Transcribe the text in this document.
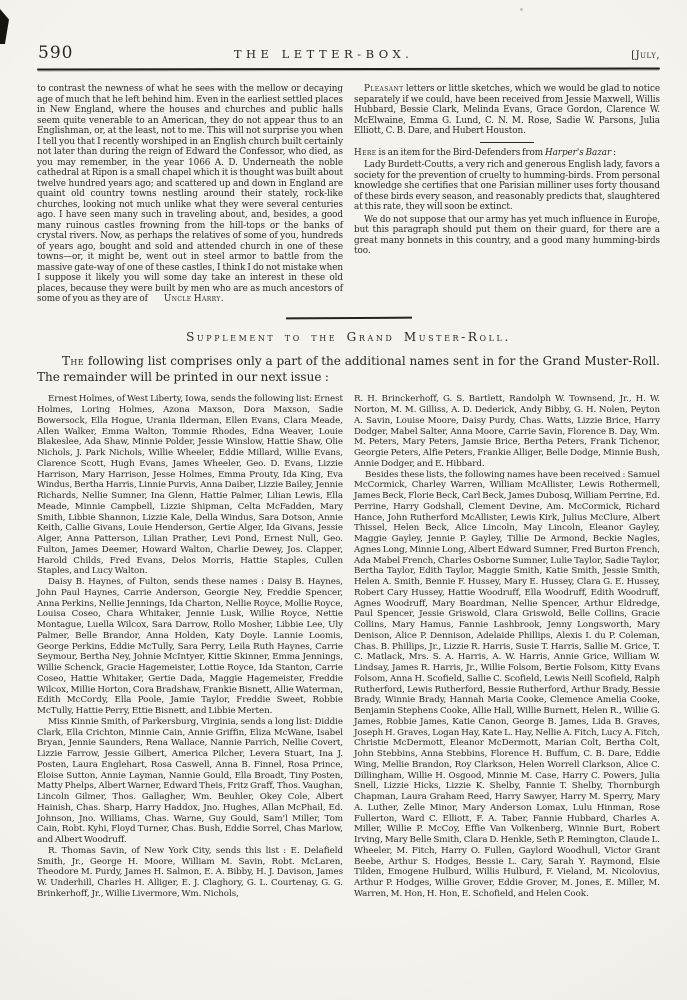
590	THE LETTER-BOX.	[July,

to contrast the newness of what he sees with the mellow or decaying age of much that he left behind him. Even in the earliest settled places in New England, where the houses and churches and public halls seem quite venerable to an American, they do not appear thus to an Englishman, or, at the least, not to me. This will not surprise you when I tell you that I recently worshiped in an English church built certainly not later than during the reign of Edward the Confessor, who died, as you may remember, in the year 1066 A. D. Underneath the noble cathedral at Ripon is a small chapel which it is thought was built about twelve hundred years ago; and scattered up and down in England are quaint old country towns nestling around their stately, rock-like churches, looking not much unlike what they were several centuries ago. I have seen many such in traveling about, and, besides, a good many ruinous castles frowning from the hill-tops or the banks of crystal rivers. Now, as perhaps the relatives of some of you, hundreds of years ago, bought and sold and attended church in one of these towns—or, it might be, went out in steel armor to battle from the massive gate-way of one of these castles, I think I do not mistake when I suppose it likely you will some day take an interest in these old places, because they were built by men who are as much ancestors of some of you as they are of Uncle Harry.

Pleasant letters or little sketches, which we would be glad to notice separately if we could, have been received from Jessie Maxwell, Willis Hubbard, Bessie Clark, Melinda Evans, Grace Gordon, Clarence W. McElwaine, Emma G. Lund, C. N. M. Rose, Sadie W. Parsons, Julia Elliott, C. B. Dare, and Hubert Houston.

Here is an item for the Bird-Defenders from Harper's Bazar :

Lady Burdett-Coutts, a very rich and generous English lady, favors a society for the prevention of cruelty to humming-birds. From personal knowledge she certifies that one Parisian milliner uses forty thousand of these birds every season, and reasonably predicts that, slaughtered at this rate, they will soon be extinct.

We do not suppose that our army has yet much influence in Europe, but this paragraph should put them on their guard, for there are a great many bonnets in this country, and a good many humming-birds too.

Supplement to the Grand Muster-Roll.

The following list comprises only a part of the additional names sent in for the Grand Muster-Roll. The remainder will be printed in our next issue :

Ernest Holmes, of West Liberty, Iowa, sends the following list: Ernest Holmes, Loring Holmes, Azona Maxson, Dora Maxson, Sadie Bowersock, Ella Hogue, Urania Ilderman, Ellen Evans, Clara Meade, Allen Walker, Emma Walton, Tommie Rhodes, Edna Weaver, Louie Blakeslee, Ada Shaw, Minnie Polder, Jessie Winslow, Hattie Shaw, Olie Nichols, J. Park Nichols, Willie Wheeler, Eddie Millard, Willie Evans, Clarence Scott, Hugh Evans, James Wheeler, Geo. D. Evans, Lizzie Harrison, Mary Harrison, Jesse Holmes, Emma Prouty, Ida King, Eva Windus, Bertha Harris, Linnie Purvis, Anna Daiber, Lizzie Bailey, Jennie Richards, Nellie Sumner, Ina Glenn, Hattie Palmer, Lilian Lewis, Ella Meade, Minnie Campbell, Lizzie Shipman, Celta McFadden, Mary Smith, Libbie Shannon, Lizzie Kale, Della Windus, Sara Dotson, Annie Keith, Callie Givans, Louie Henderson, Gertie Alger, Ida Givans, Jessie Alger, Anna Patterson, Lilian Prather, Levi Pond, Ernest Null, Geo. Fulton, James Deemer, Howard Walton, Charlie Dewey, Jos. Clapper, Harold Childs, Fred Evans, Delos Morris, Hattie Staples, Cullen Staples, and Lucy Walton.

Daisy B. Haynes, of Fulton, sends these names : Daisy B. Haynes, John Paul Haynes, Carrie Anderson, Georgie Ney, Freddie Spencer, Anna Perkins, Nellie Jennings, Ida Charton, Nellie Royce, Mollie Royce, Louisa Coseo, Chara Whitaker, Jennie Lusk, Willie Royce, Nettie Montague, Luella Wilcox, Sara Darrow, Rollo Mosher, Libbie Lee, Uly Palmer, Belle Brandor, Anna Holden, Katy Doyle. Lannie Loomis, George Perkins, Eddie McTully, Sara Perry, Leila Ruth Haynes, Carrie Seymour, Bertha Ney, Johnie McIntyer, Kittie Skinner, Emma Jennings, Willie Schenck, Gracie Hagemeister, Lottie Royce, Ida Stanton, Carrie Coseo, Hattie Whitaker, Gertie Dada, Maggie Hagemeister, Freddie Wilcox, Millie Horton, Cora Bradshaw, Frankie Bisnett, Allie Waterman, Edith McCordy, Ella Poole, Jamie Taylor, Freddie Sweet, Robbie McTully, Hattie Perry, Ettie Bisnett, and Libbie Merten.

Miss Kinnie Smith, of Parkersburg, Virginia, sends a long list: Diddie Clark, Ella Crichton, Minnie Cain, Annie Griffin, Eliza McWane, Isabel Bryan, Jennie Saunders, Rena Wallace, Nannie Parrich, Nellie Covert, Lizzie Farrow, Jessie Gilbert, America Pilcher, Levera Stuart, Ina J. Posten, Laura Englehart, Rosa Caswell, Anna B. Finnel, Rosa Prince, Eloise Sutton, Annie Layman, Nannie Gould, Ella Broadt, Tiny Posten, Matty Phelps, Albert Warner, Edward Theis, Fritz Graff, Thos. Vaughan, Lincoln Gilmer, Thos. Gallagher, Wm. Beuhler, Okey Cole, Albert Hainish, Chas. Sharp, Harry Haddox, Jno. Hughes, Allan McPhail, Ed. Johnson, Jno. Williams, Chas. Warne, Guy Gould, Sam'l Miller, Tom Cain, Robt. Kyhi, Floyd Turner, Chas. Bush, Eddie Sorrel, Chas Marlow, and Albert Woodruff.

R. Thomas Savin, of New York City, sends this list : E. Delafield Smith, Jr., George H. Moore, William M. Savin, Robt. McLaren, Theodore M. Purdy, James H. Salmon, E. A. Bibby, H. J. Davison, James W. Underhill, Charles H. Alliger, E. J. Claghory, G. L. Courtenay, G. G. Brinkerhoff, Jr., Willie Livermore, Wm. Nichols,

R. H. Brinckerhoff, G. S. Bartlett, Randolph W. Townsend, Jr., H. W. Norton, M. M. Gilliss, A. D. Dederick, Andy Bibby, G. H. Nolen, Peyton A. Savin, Louise Moore, Daisy Purdy, Chas. Watts, Lizzie Brice, Harry Dodger, Mabel Salter, Anna Moore, Carrie Savin, Florence B. Day, Wm. M. Peters, Mary Peters, Jamsie Brice, Bertha Peters, Frank Tichenor, Georgie Peters, Alfie Peters, Frankie Alliger, Belle Dodge, Minnie Bush, Annie Dodger, and E. Hibbard.

Besides these lists, the following names have been received : Samuel McCormick, Charley Warren, William McAllister, Lewis Rothermell, James Beck, Florie Beck, Carl Beck, James Dubosq, William Perrine, Ed. Perrine, Harry Godshall, Clement Devine, Am. McCormick, Richard Hance, John Rutherford McAllister, Lewis Kirk, Julius McClure, Albert Thissel, Helen Beck, Alice Lincoln, May Lincoln, Eleanor Gayley, Maggie Gayley, Jennie P. Gayley, Tillie De Armond, Beckie Nagles, Agnes Long, Minnie Long, Albert Edward Sumner, Fred Burton French, Ada Mabel French, Charles Osborne Sumner, Lulie Taylor, Sadie Taylor, Bertha Taylor, Edith Taylor, Maggie Smith, Katie Smith, Jessie Smith, Helen A. Smith, Bennie F. Hussey, Mary E. Hussey, Clara G. E. Hussey, Robert Cary Hussey, Hattie Woodruff, Ella Woodruff, Edith Woodruff, Agnes Woodruff, Mary Boardman, Nellie Spencer, Arthur Eldredge, Paul Spencer, Jessie Griswold, Clara Griswold, Belle Collins, Gracie Collins, Mary Hamus, Fannie Lashbrook, Jenny Longsworth, Mary Denison, Alice P. Dennison, Adelaide Phillips, Alexis I. du P. Coleman, Chas. B. Phillips, Jr., Lizzie R. Harris, Susie T. Harris, Sallie M. Grice, T. C. Matlack, Mrs. S. A. Harris, A. W. Harris, Annie Grice, William W. Lindsay, James R. Harris, Jr., Willie Folsom, Bertie Folsom, Kitty Evans Folsom, Anna H. Scofield, Sallie C. Scofield, Lewis Neill Scofield, Ralph Rutherford, Lewis Rutherford, Bessie Rutherford, Arthur Brady, Bessie Brady, Winnie Brady, Hannah Maria Cooke, Clemence Amelia Cooke, Benjamin Stephens Cooke, Allie Hall, Willie Burnett, Helen R., Willie G. James, Robbie James, Katie Canon, George B. James, Lida B. Graves, Joseph H. Graves, Logan Hay, Kate L. Hay, Nellie A. Fitch, Lucy A. Fitch, Christie McDermott, Eleanor McDermott, Marian Colt, Bertha Colt, John Stebbins, Anna Stebbins, Florence H. Buffum, C. B. Dare, Eddie Wing, Mellie Brandon, Roy Clarkson, Helen Worrell Clarkson, Alice C. Dillingham, Willie H. Osgood, Minnie M. Case, Harry C. Powers, Julia Snell, Lizzie Hicks, Lizzie K. Shelby, Fannie T. Shelby, Thornburgh Chapman, Laura Graham Reed, Harry Sawyer, Harry M. Sperry, Mary A. Luther, Zelle Minor, Mary Anderson Lomax, Lulu Hinman, Rose Fullerton, Ward C. Elliott, F. A. Taber, Fannie Hubbard, Charles A. Miller, Willie P. McCoy, Effie Van Volkenberg, Winnie Burt, Robert Irving, Mary Belle Smith, Clara D. Henkle, Seth P. Remington, Claude L. Wheeler, M. Fitch, Harry O. Fullen, Gaylord Woodhull, Victor Grant Beebe, Arthur S. Hodges, Bessie L. Cary, Sarah Y. Raymond, Elsie Tilden, Emogene Hulburd, Willis Hulburd, F. Vieland, M. Nicolovius, Arthur P. Hodges, Willie Grover, Eddie Grover, M. Jones, E. Miller, M. Warren, M. Hon, H. Hon, E. Schofield, and Helen Cook.
